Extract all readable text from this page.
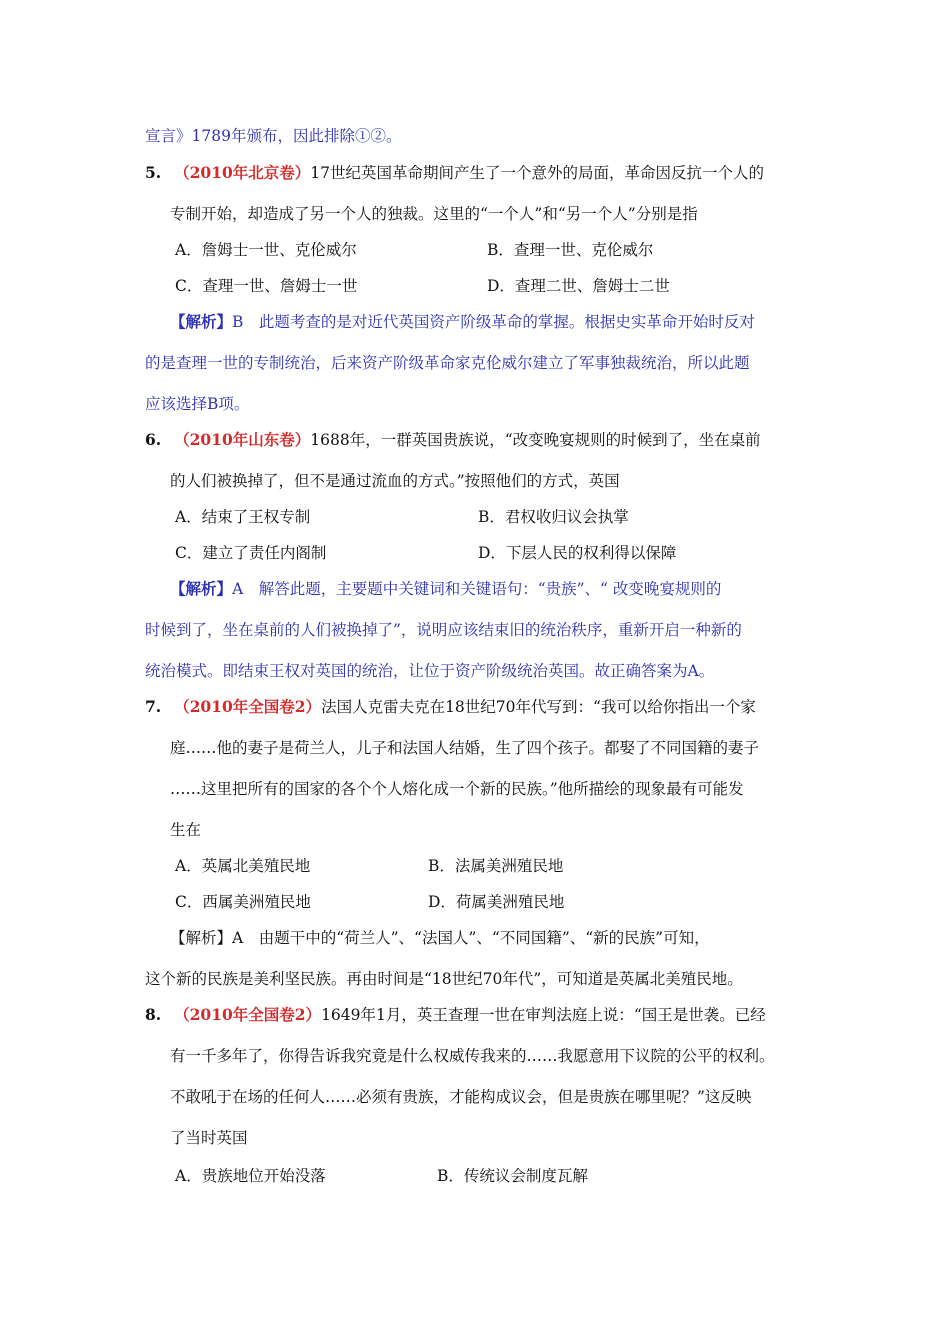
宣言》1789年颁布，因此排除①②。
5. （2010年北京卷）17世纪英国革命期间产生了一个意外的局面，革命因反抗一个人的
专制开始，却造成了另一个人的独裁。这里的“一个人”和“另一个人”分别是指
A．詹姆士一世、克伦威尔	B．查理一世、克伦威尔
C．查理一世、詹姆士一世	D．查理二世、詹姆士二世
【解析】B　此题考查的是对近代英国资产阶级革命的掌握。根据史实革命开始时反对
的是查理一世的专制统治，后来资产阶级革命家克伦威尔建立了军事独裁统治，所以此题
应该选择B项。
6. （2010年山东卷）1688年，一群英国贵族说，“改变晚宴规则的时候到了，坐在桌前
的人们被换掉了，但不是通过流血的方式。”按照他们的方式，英国
A．结束了王权专制	B．君权收归议会执掌
C．建立了责任内阁制	D．下层人民的权利得以保障
【解析】A　解答此题，主要题中关键词和关键语句：“贵族”、“ 改变晚宴规则的
时候到了，坐在桌前的人们被换掉了”，说明应该结束旧的统治秩序，重新开启一种新的
统治模式。即结束王权对英国的统治，让位于资产阶级统治英国。故正确答案为A。
7. （2010年全国卷2）法国人克雷夫克在18世纪70年代写到：“我可以给你指出一个家
庭……他的妻子是荷兰人，儿子和法国人结婚，生了四个孩子。都娶了不同国籍的妻子
……这里把所有的国家的各个个人熔化成一个新的民族。”他所描绘的现象最有可能发
生在
A．英属北美殖民地	B．法属美洲殖民地
C．西属美洲殖民地	D．荷属美洲殖民地
【解析】A　由题干中的“荷兰人”、“法国人”、“不同国籍”、“新的民族”可知，
这个新的民族是美利坚民族。再由时间是“18世纪70年代”，可知道是英属北美殖民地。
8. （2010年全国卷2）1649年1月，英王查理一世在审判法庭上说：“国王是世袭。已经
有一千多年了，你得告诉我究竟是什么权威传我来的……我愿意用下议院的公平的权利。
不敢吼于在场的任何人……必须有贵族，才能构成议会，但是贵族在哪里呢？”这反映
了当时英国
A．贵族地位开始没落	B．传统议会制度瓦解
